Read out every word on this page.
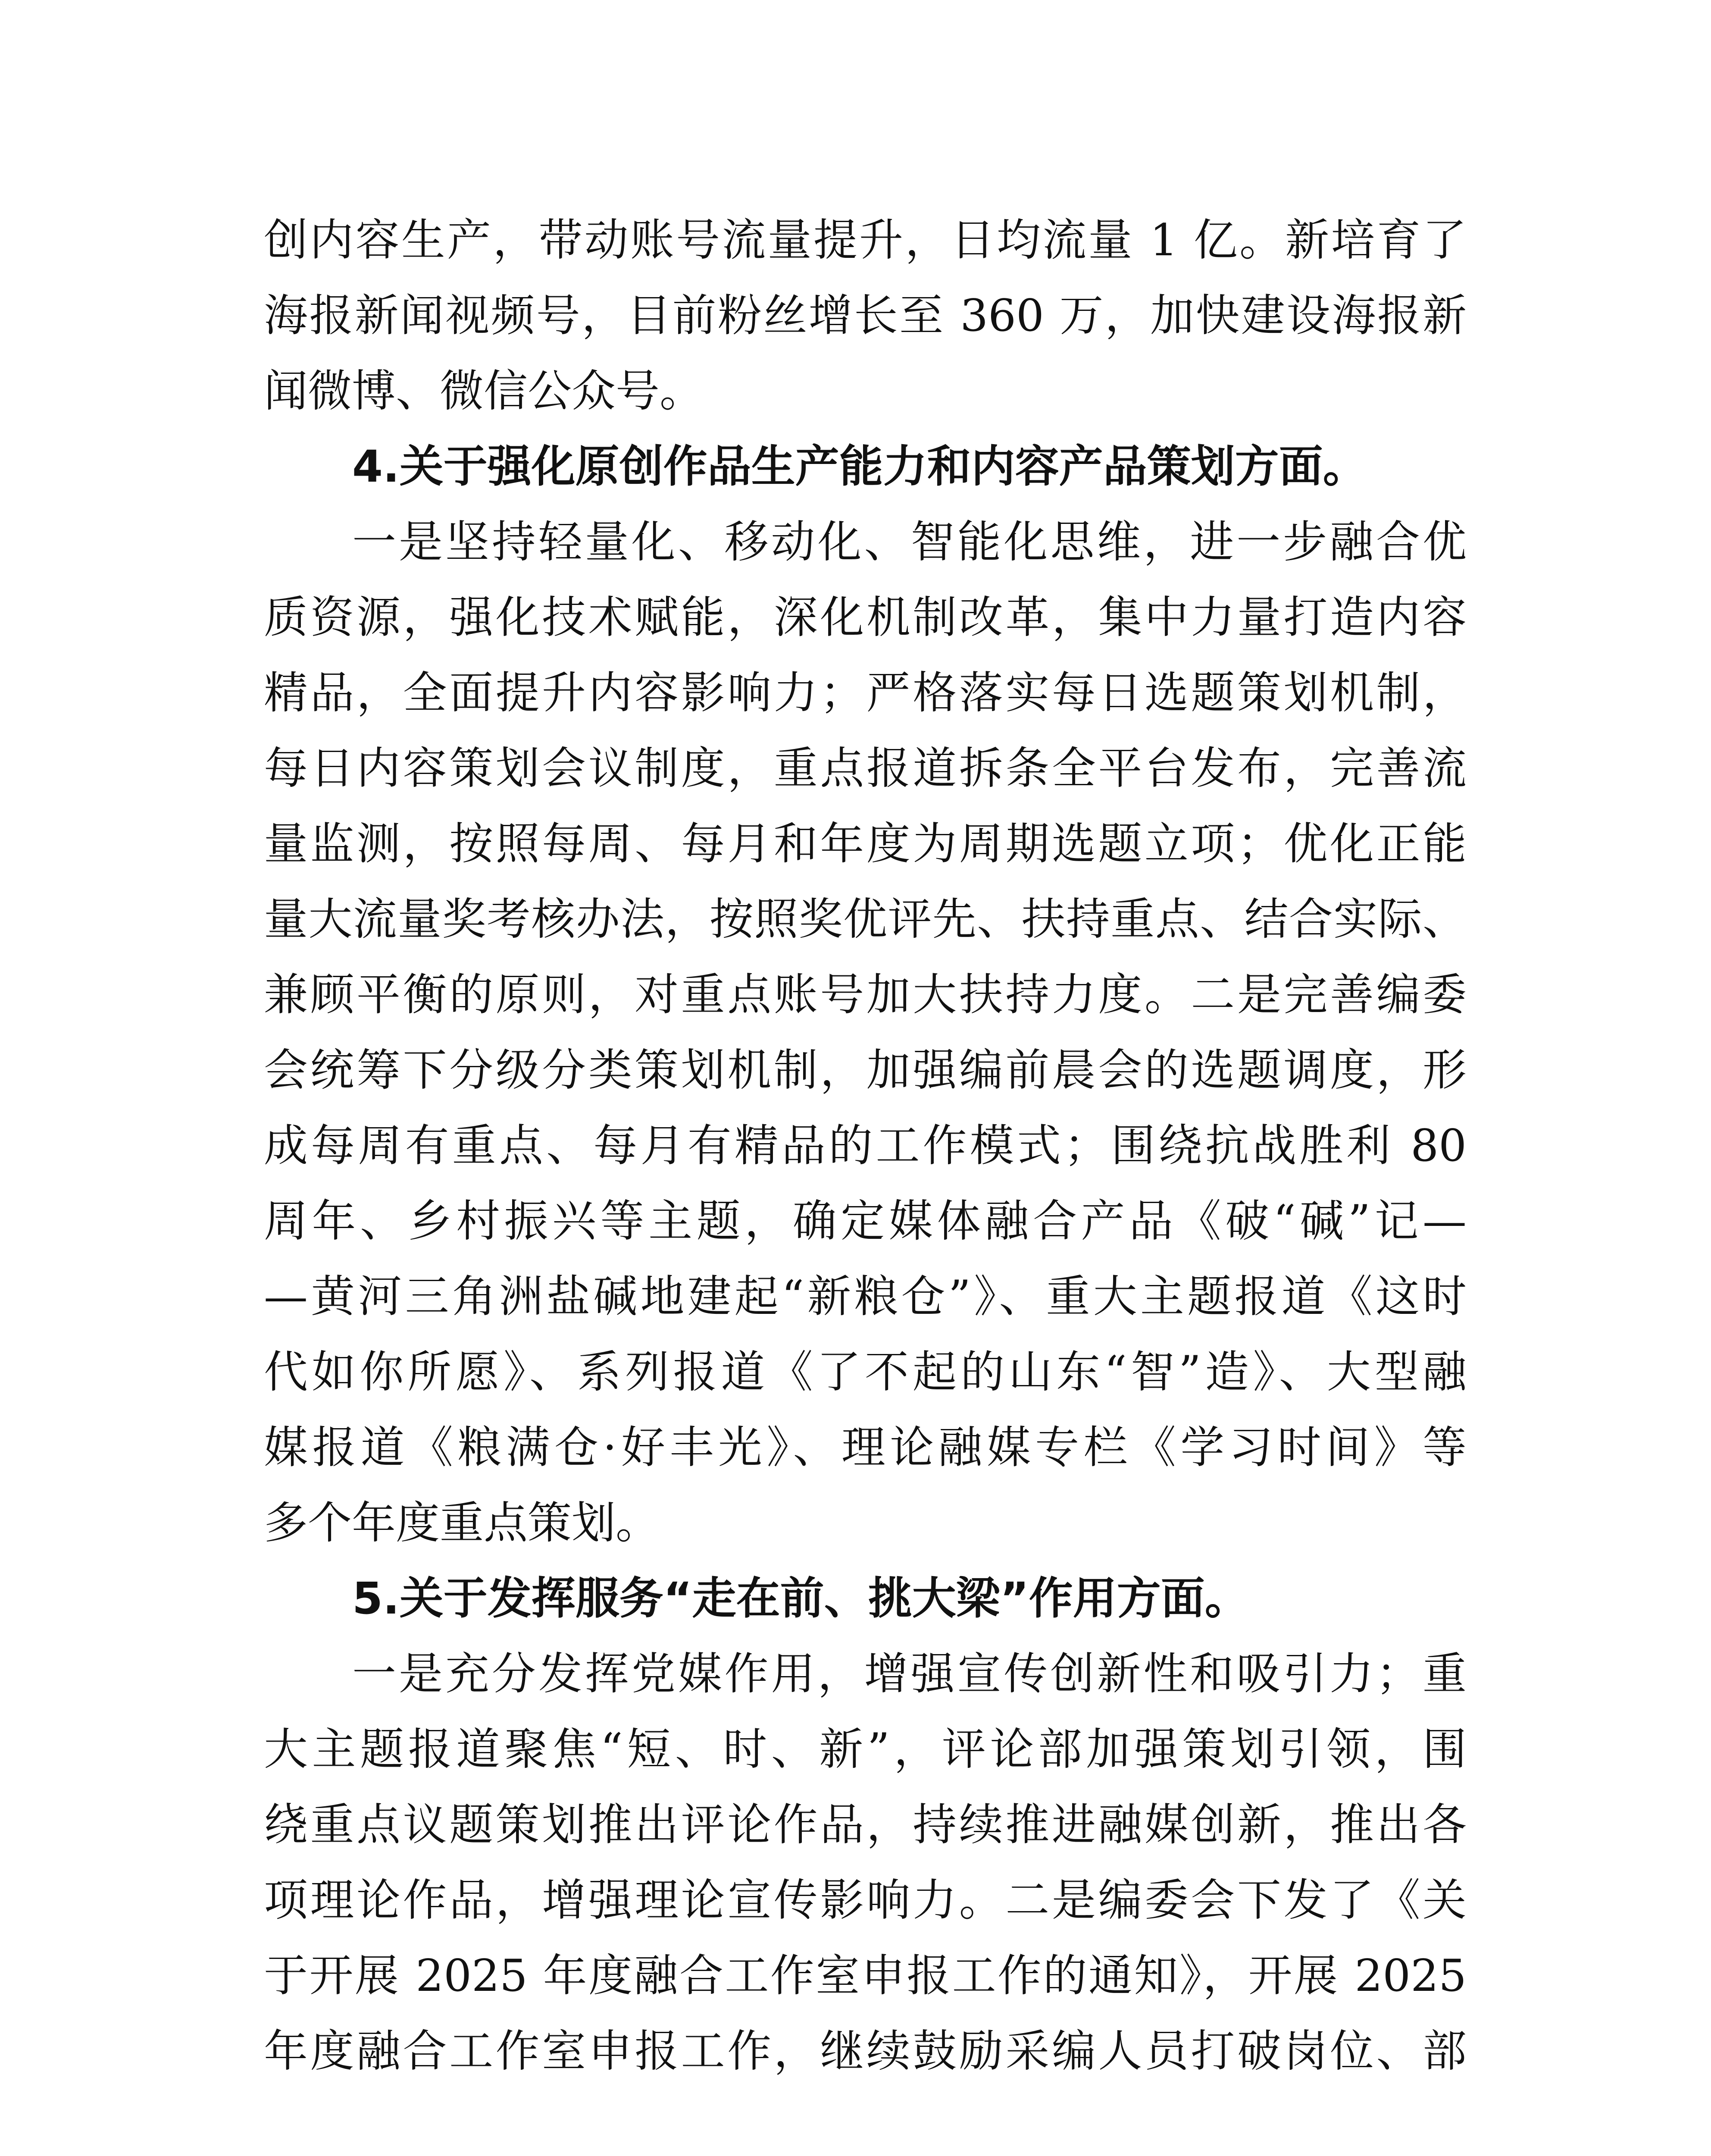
创内容生产，带动账号流量提升，日均流量 1 亿。新培育了
海报新闻视频号，目前粉丝增长至 360 万，加快建设海报新
闻微博、微信公众号。
4.关于强化原创作品生产能力和内容产品策划方面。
一是坚持轻量化、移动化、智能化思维，进一步融合优
质资源，强化技术赋能，深化机制改革，集中力量打造内容
精品，全面提升内容影响力；严格落实每日选题策划机制，
每日内容策划会议制度，重点报道拆条全平台发布，完善流
量监测，按照每周、每月和年度为周期选题立项；优化正能
量大流量奖考核办法，按照奖优评先、扶持重点、结合实际、
兼顾平衡的原则，对重点账号加大扶持力度。二是完善编委
会统筹下分级分类策划机制，加强编前晨会的选题调度，形
成每周有重点、每月有精品的工作模式；围绕抗战胜利 80
周年、乡村振兴等主题，确定媒体融合产品《破“碱”记—
—黄河三角洲盐碱地建起“新粮仓”》、重大主题报道《这时
代如你所愿》、系列报道《了不起的山东“智”造》、大型融
媒报道《粮满仓·好丰光》、理论融媒专栏《学习时间》等
多个年度重点策划。
5.关于发挥服务“走在前、挑大梁”作用方面。
一是充分发挥党媒作用，增强宣传创新性和吸引力；重
大主题报道聚焦“短、时、新”，评论部加强策划引领，围
绕重点议题策划推出评论作品，持续推进融媒创新，推出各
项理论作品，增强理论宣传影响力。二是编委会下发了《关
于开展 2025 年度融合工作室申报工作的通知》，开展 2025
年度融合工作室申报工作，继续鼓励采编人员打破岗位、部
